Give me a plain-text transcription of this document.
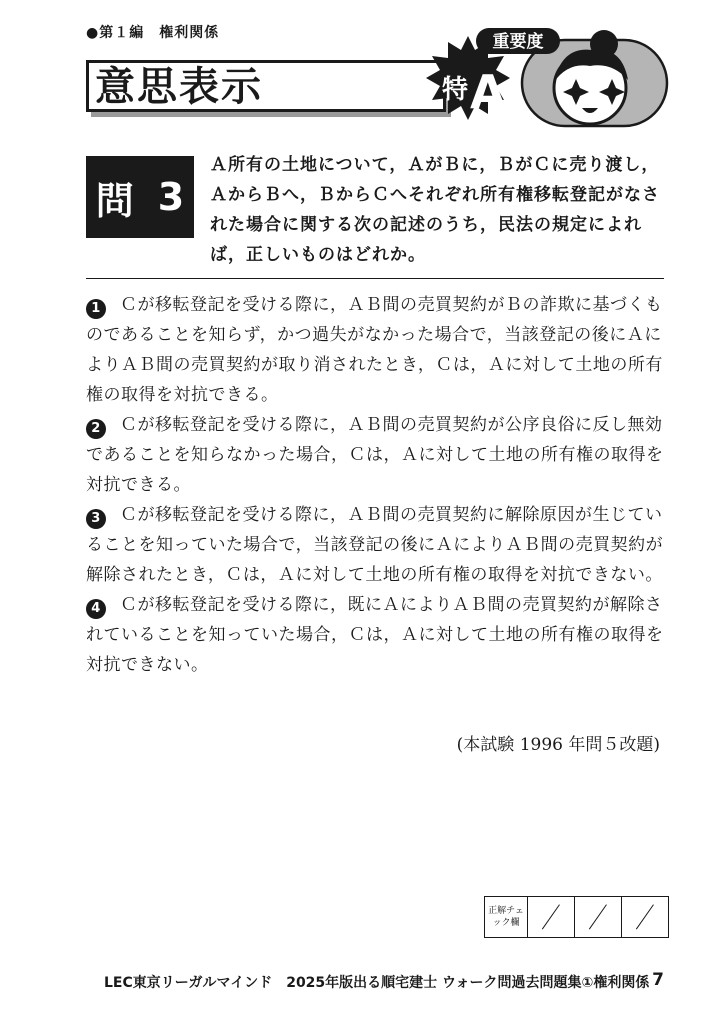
●第１編　権利関係
意思表示
重要度
特 A
問 3
Ａ所有の土地について，ＡがＢに，ＢがＣに売り渡し，ＡからＢへ，ＢからＣへそれぞれ所有権移転登記がなされた場合に関する次の記述のうち，民法の規定によれば，正しいものはどれか。
1 Ｃが移転登記を受ける際に，ＡＢ間の売買契約がＢの詐欺に基づくものであることを知らず，かつ過失がなかった場合で，当該登記の後にＡによりＡＢ間の売買契約が取り消されたとき，Ｃは，Ａに対して土地の所有権の取得を対抗できる。
2 Ｃが移転登記を受ける際に，ＡＢ間の売買契約が公序良俗に反し無効であることを知らなかった場合，Ｃは，Ａに対して土地の所有権の取得を対抗できる。
3 Ｃが移転登記を受ける際に，ＡＢ間の売買契約に解除原因が生じていることを知っていた場合で，当該登記の後にＡによりＡＢ間の売買契約が解除されたとき，Ｃは，Ａに対して土地の所有権の取得を対抗できない。
4 Ｃが移転登記を受ける際に，既にＡによりＡＢ間の売買契約が解除されていることを知っていた場合，Ｃは，Ａに対して土地の所有権の取得を対抗できない。
(本試験 1996 年問５改題)
正解チェック欄	

LEC東京リーガルマインド　2025年版出る順宅建士 ウォーク問過去問題集①権利関係 7
